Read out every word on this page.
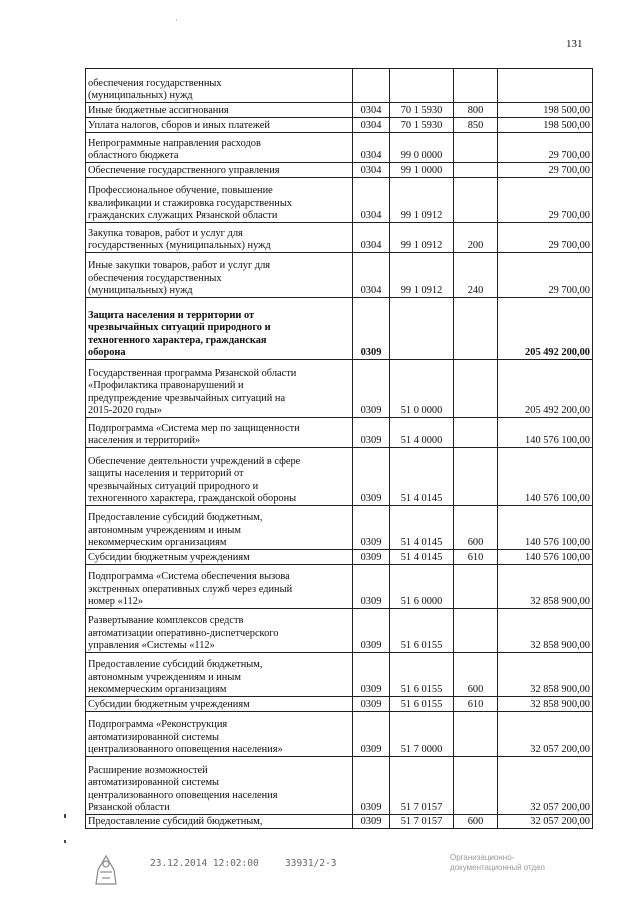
131
ˈ
обеспечения государственных
(муниципальных) нужд				
Иные бюджетные ассигнования	0304	70 1 5930	800	198 500,00
Уплата налогов, сборов и иных платежей	0304	70 1 5930	850	198 500,00
Непрограммные направления расходов
областного бюджета	0304	99 0 0000		29 700,00
Обеспечение государственного управления	0304	99 1 0000		29 700,00
Профессиональное обучение, повышение
квалификации и стажировка государственных
гражданских служащих Рязанской области	0304	99 1 0912		29 700,00
Закупка товаров, работ и услуг для
государственных (муниципальных) нужд	0304	99 1 0912	200	29 700,00
Иные закупки товаров, работ и услуг для
обеспечения государственных
(муниципальных) нужд	0304	99 1 0912	240	29 700,00
Защита населения и территории от
чрезвычайных ситуаций природного и
техногенного характера, гражданская
оборона	0309			205 492 200,00
Государственная программа Рязанской области
«Профилактика правонарушений и
предупреждение чрезвычайных ситуаций на
2015-2020 годы»	0309	51 0 0000		205 492 200,00
Подпрограмма «Система мер по защищенности
населения и территорий»	0309	51 4 0000		140 576 100,00
Обеспечение деятельности учреждений в сфере
защиты населения и территорий от
чрезвычайных ситуаций природного и
техногенного характера, гражданской обороны	0309	51 4 0145		140 576 100,00
Предоставление субсидий бюджетным,
автономным учреждениям и иным
некоммерческим организациям	0309	51 4 0145	600	140 576 100,00
Субсидии бюджетным учреждениям	0309	51 4 0145	610	140 576 100,00
Подпрограмма «Система обеспечения вызова
экстренных оперативных служб через единый
номер «112»	0309	51 6 0000		32 858 900,00
Развертывание комплексов средств
автоматизации оперативно-диспетчерского
управления «Системы «112»	0309	51 6 0155		32 858 900,00
Предоставление субсидий бюджетным,
автономным учреждениям и иным
некоммерческим организациям	0309	51 6 0155	600	32 858 900,00
Субсидии бюджетным учреждениям	0309	51 6 0155	610	32 858 900,00
Подпрограмма «Реконструкция
автоматизированной системы
централизованного оповещения населения»	0309	51 7 0000		32 057 200,00
Расширение возможностей
автоматизированной системы
централизованного оповещения населения
Рязанской области	0309	51 7 0157		32 057 200,00
Предоставление субсидий бюджетным,	0309	51 7 0157	600	32 057 200,00
23.12.2014 12:02:00	33931/2-3
Организационно-
документационный отдел
